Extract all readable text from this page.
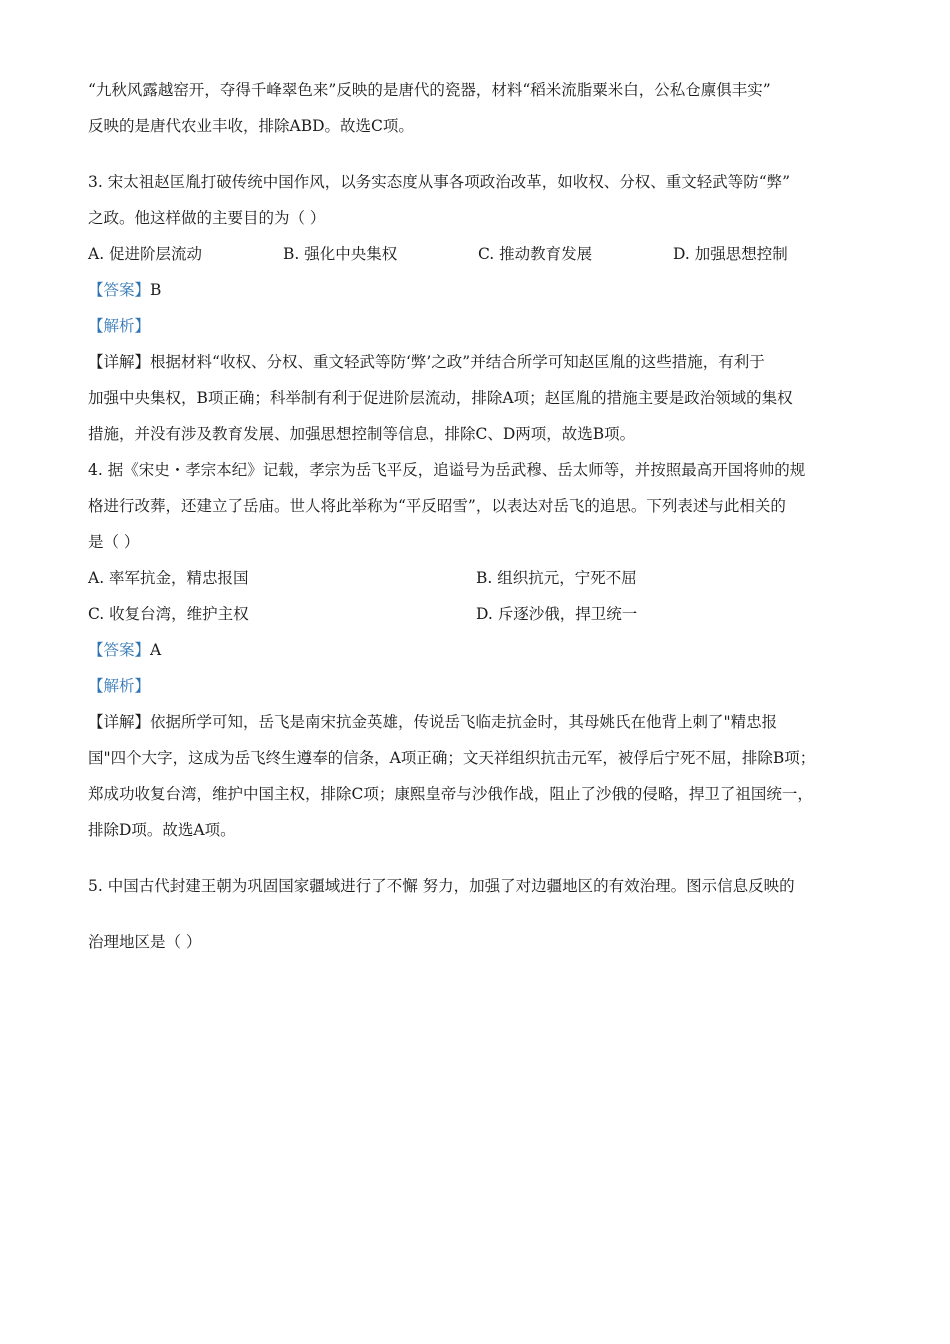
“九秋风露越窑开，夺得千峰翠色来”反映的是唐代的瓷器，材料“稻米流脂粟米白，公私仓廪俱丰实”
反映的是唐代农业丰收，排除ABD。故选C项。
3. 宋太祖赵匡胤打破传统中国作风，以务实态度从事各项政治改革，如收权、分权、重文轻武等防“弊”
之政。他这样做的主要目的为（ ）
A. 促进阶层流动	B. 强化中央集权	C. 推动教育发展	D. 加强思想控制
【答案】B
【解析】
【详解】根据材料“收权、分权、重文轻武等防‘弊’之政”并结合所学可知赵匡胤的这些措施，有利于
加强中央集权，B项正确；科举制有利于促进阶层流动，排除A项；赵匡胤的措施主要是政治领域的集权
措施，并没有涉及教育发展、加强思想控制等信息，排除C、D两项，故选B项。
4. 据《宋史・孝宗本纪》记载，孝宗为岳飞平反，追谥号为岳武穆、岳太师等，并按照最高开国将帅的规
格进行改葬，还建立了岳庙。世人将此举称为“平反昭雪”，以表达对岳飞的追思。下列表述与此相关的
是（ ）
A. 率军抗金，精忠报国	B. 组织抗元，宁死不屈
C. 收复台湾，维护主权	D. 斥逐沙俄，捍卫统一
【答案】A
【解析】
【详解】依据所学可知，岳飞是南宋抗金英雄，传说岳飞临走抗金时，其母姚氏在他背上刺了"精忠报
国"四个大字，这成为岳飞终生遵奉的信条，A项正确；文天祥组织抗击元军，被俘后宁死不屈，排除B项；
郑成功收复台湾，维护中国主权，排除C项；康熙皇帝与沙俄作战，阻止了沙俄的侵略，捍卫了祖国统一，
排除D项。故选A项。
5. 中国古代封建王朝为巩固国家疆域进行了不懈 努力，加强了对边疆地区的有效治理。图示信息反映的
治理地区是（ ）
